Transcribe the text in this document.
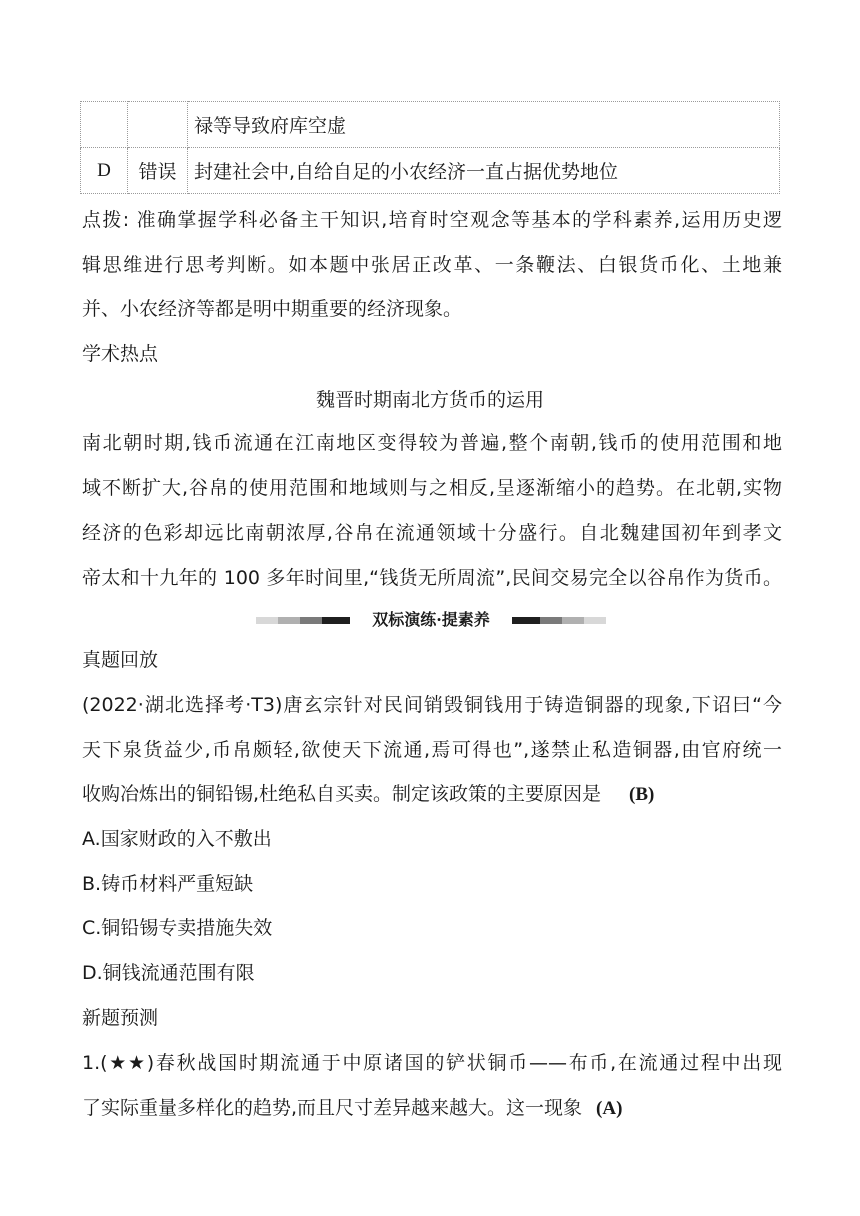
		禄等导致府库空虚
D	错误	封建社会中,自给自足的小农经济一直占据优势地位
点拨: 准确掌握学科必备主干知识,培育时空观念等基本的学科素养,运用历史逻
辑思维进行思考判断。如本题中张居正改革、一条鞭法、白银货币化、土地兼
并、小农经济等都是明中期重要的经济现象。
学术热点
魏晋时期南北方货币的运用
南北朝时期,钱币流通在江南地区变得较为普遍,整个南朝,钱币的使用范围和地
域不断扩大,谷帛的使用范围和地域则与之相反,呈逐渐缩小的趋势。在北朝,实物
经济的色彩却远比南朝浓厚,谷帛在流通领域十分盛行。自北魏建国初年到孝文
帝太和十九年的 100 多年时间里,“钱货无所周流”,民间交易完全以谷帛作为货币。
双标演练·提素养
真题回放
(2022·湖北选择考·T3)唐玄宗针对民间销毁铜钱用于铸造铜器的现象,下诏曰“今
天下泉货益少,币帛颇轻,欲使天下流通,焉可得也”,遂禁止私造铜器,由官府统一
收购冶炼出的铜铅锡,杜绝私自买卖。制定该政策的主要原因是 (B)
A.国家财政的入不敷出
B.铸币材料严重短缺
C.铜铅锡专卖措施失效
D.铜钱流通范围有限
新题预测
1.(★★)春秋战国时期流通于中原诸国的铲状铜币——布币,在流通过程中出现
了实际重量多样化的趋势,而且尺寸差异越来越大。这一现象 (A)
